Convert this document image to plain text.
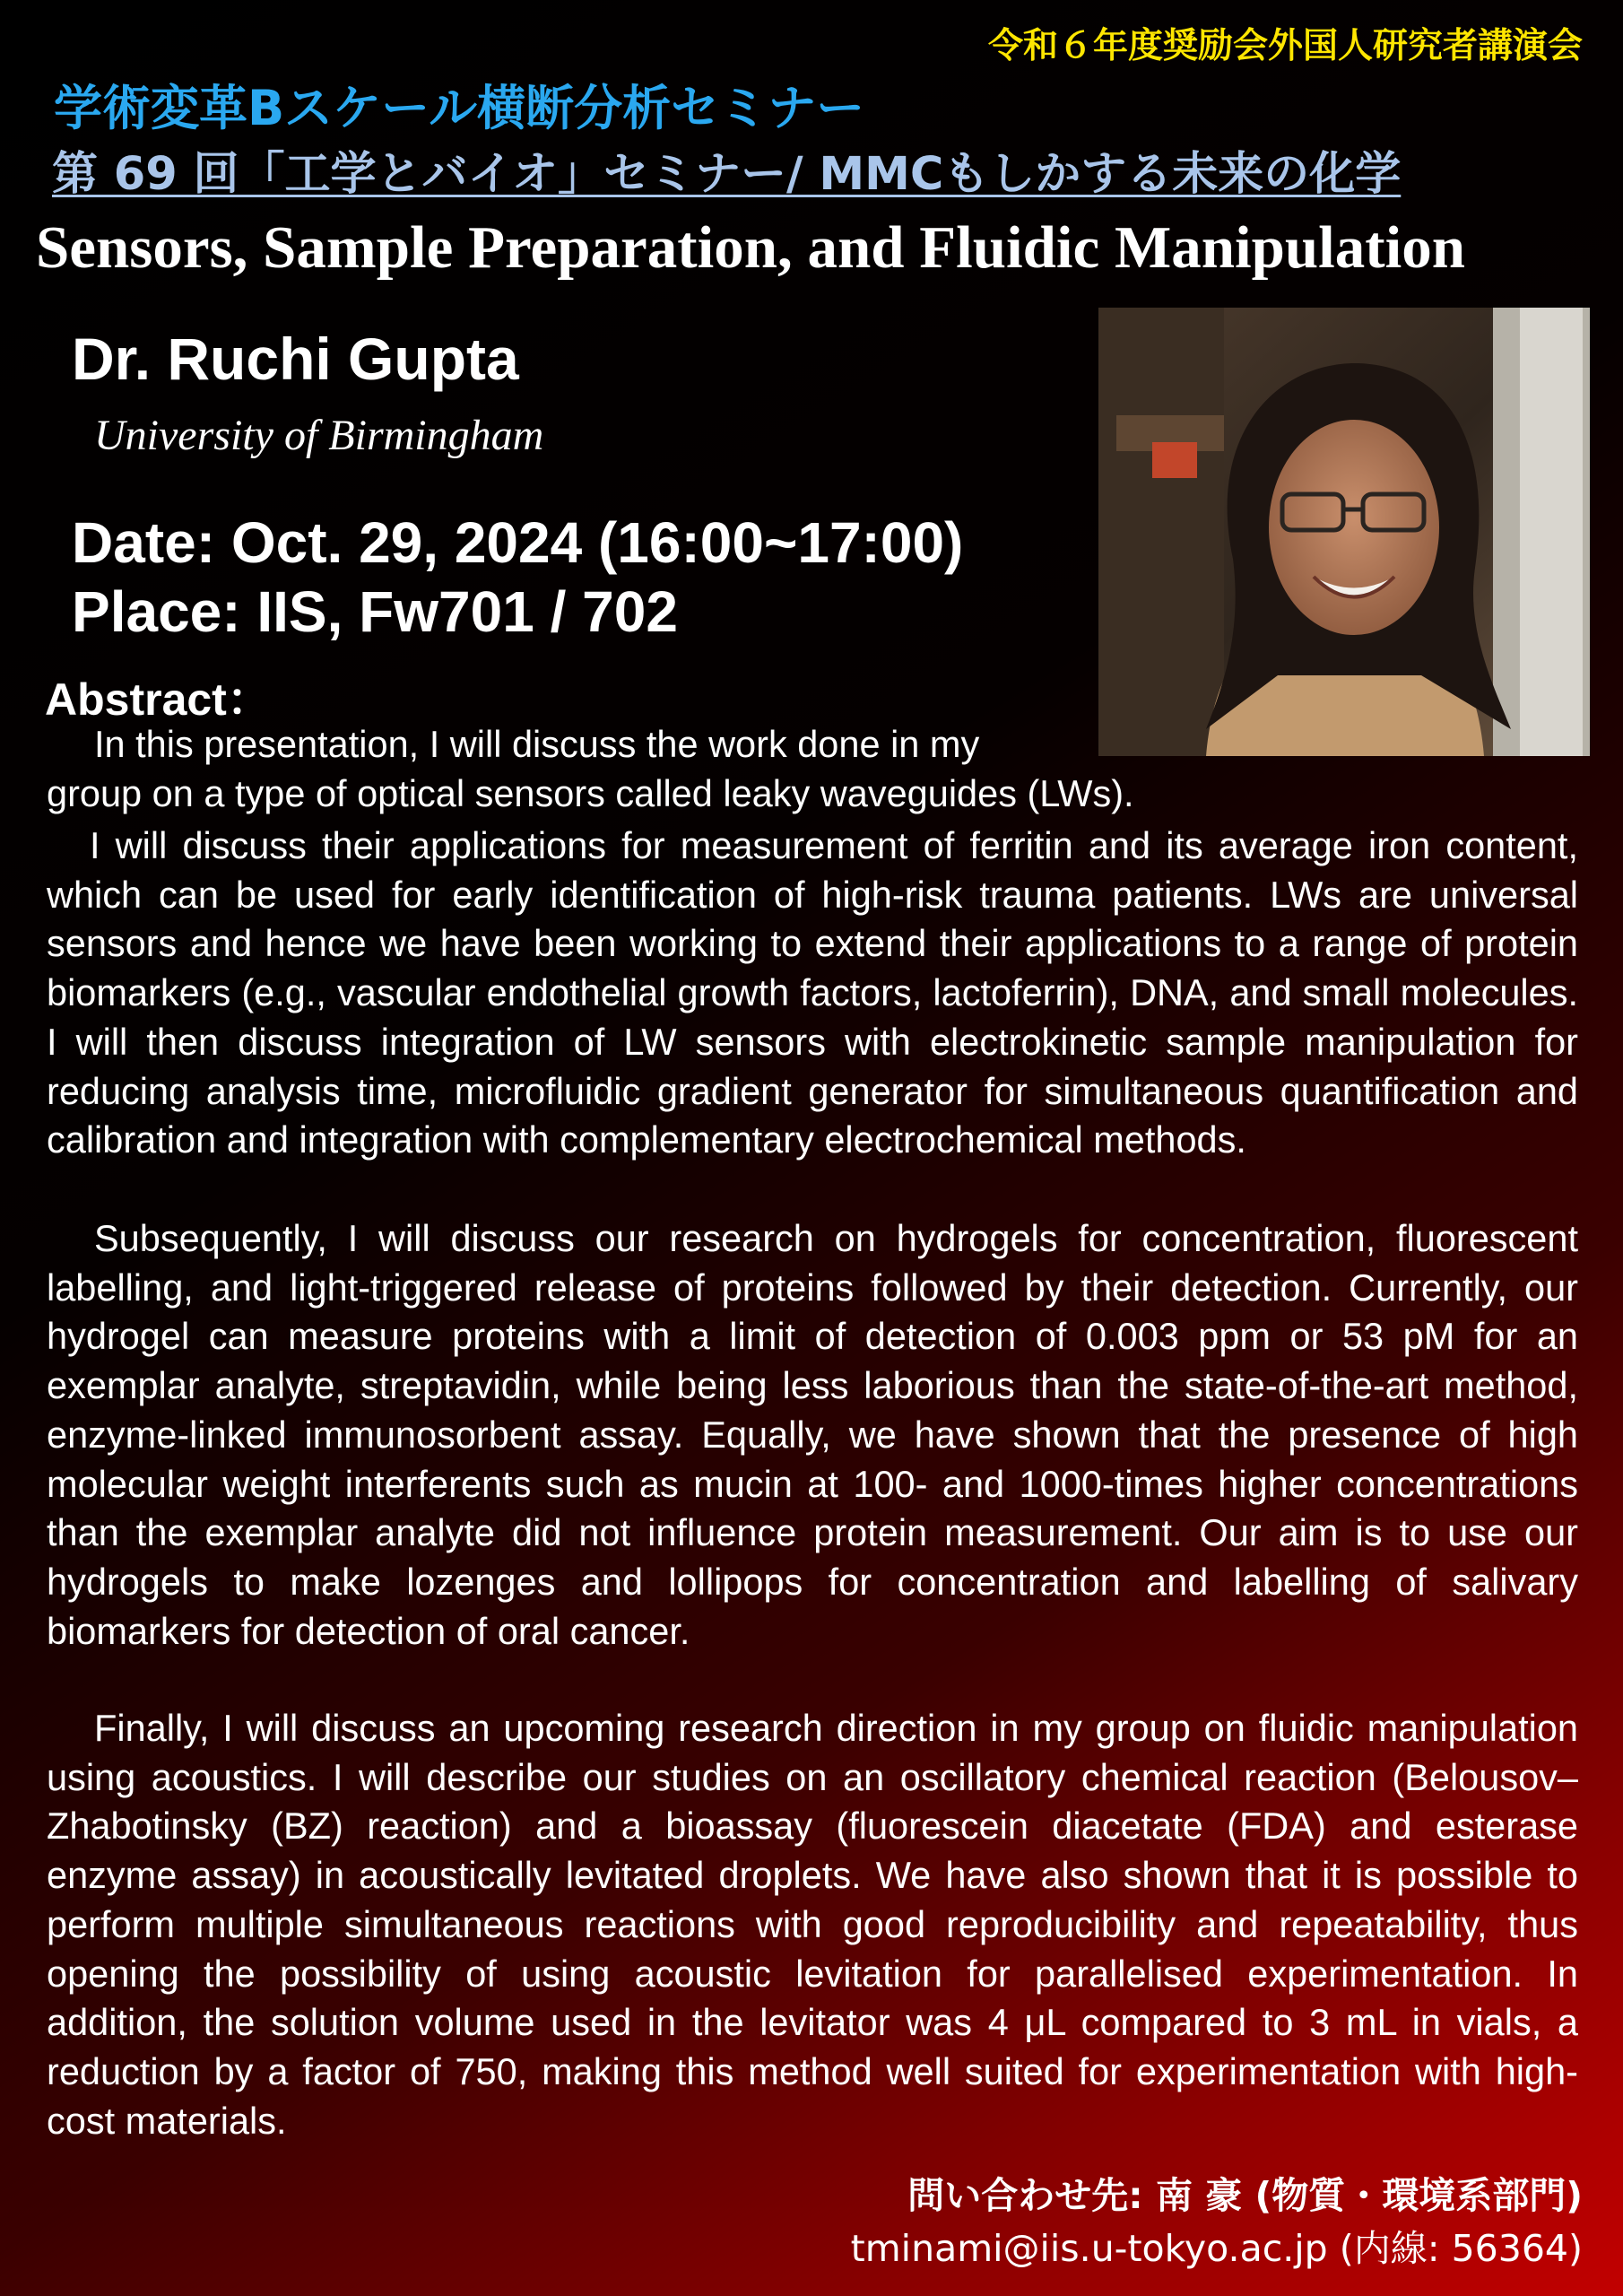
令和６年度奨励会外国人研究者講演会
学術変革Bスケール横断分析セミナー
第 69 回「工学とバイオ」セミナー/ MMCもしかする未来の化学
Sensors, Sample Preparation, and Fluidic Manipulation
Dr. Ruchi Gupta
University of Birmingham
Date: Oct. 29, 2024 (16:00~17:00)
Place: IIS, Fw701 / 702
Abstract：
In this presentation, I will discuss the work done in my
group on a type of optical sensors called leaky waveguides (LWs).
I will discuss their applications for measurement of ferritin and its average iron content, which can be used for early identification of high-risk trauma patients. LWs are universal sensors and hence we have been working to extend their applications to a range of protein biomarkers (e.g., vascular endothelial growth factors, lactoferrin), DNA, and small molecules. I will then discuss integration of LW sensors with electrokinetic sample manipulation for reducing analysis time, microfluidic gradient generator for simultaneous quantification and calibration and integration with complementary electrochemical methods.
Subsequently, I will discuss our research on hydrogels for concentration, fluorescent labelling, and light-triggered release of proteins followed by their detection. Currently, our hydrogel can measure proteins with a limit of detection of 0.003 ppm or 53 pM for an exemplar analyte, streptavidin, while being less laborious than the state-of-the-art method, enzyme-linked immunosorbent assay. Equally, we have shown that the presence of high molecular weight interferents such as mucin at 100- and 1000-times higher concentrations than the exemplar analyte did not influence protein measurement. Our aim is to use our hydrogels to make lozenges and lollipops for concentration and labelling of salivary biomarkers for detection of oral cancer.
Finally, I will discuss an upcoming research direction in my group on fluidic manipulation using acoustics. I will describe our studies on an oscillatory chemical reaction (Belousov–Zhabotinsky (BZ) reaction) and a bioassay (fluorescein diacetate (FDA) and esterase enzyme assay) in acoustically levitated droplets. We have also shown that it is possible to perform multiple simultaneous reactions with good reproducibility and repeatability, thus opening the possibility of using acoustic levitation for parallelised experimentation. In addition, the solution volume used in the levitator was 4 μL compared to 3 mL in vials, a reduction by a factor of 750, making this method well suited for experimentation with high-cost materials.
問い合わせ先: 南 豪 (物質・環境系部門)
tminami@iis.u-tokyo.ac.jp (内線: 56364)
